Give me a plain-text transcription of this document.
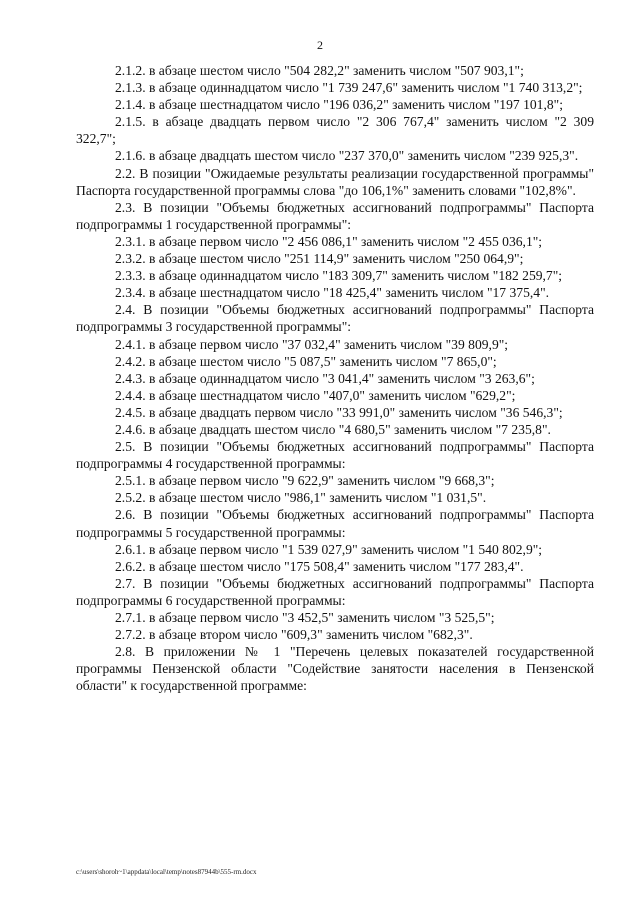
2

2.1.2. в абзаце шестом число "504 282,2" заменить числом "507 903,1";

2.1.3. в абзаце одиннадцатом число "1 739 247,6" заменить числом "1 740 313,2";

2.1.4. в абзаце шестнадцатом число "196 036,2" заменить числом "197 101,8";

2.1.5. в абзаце двадцать первом число "2 306 767,4" заменить числом "2 309 322,7";

2.1.6. в абзаце двадцать шестом число "237 370,0" заменить числом "239 925,3".

2.2. В позиции "Ожидаемые результаты реализации государственной программы" Паспорта государственной программы слова "до 106,1%" заменить словами "102,8%".

2.3. В позиции "Объемы бюджетных ассигнований подпрограммы" Паспорта подпрограммы 1 государственной программы":

2.3.1. в абзаце первом число "2 456 086,1" заменить числом "2 455 036,1";

2.3.2. в абзаце шестом число "251 114,9" заменить числом "250 064,9";

2.3.3. в абзаце одиннадцатом число "183 309,7" заменить числом "182 259,7";

2.3.4. в абзаце шестнадцатом число "18 425,4" заменить числом "17 375,4".

2.4. В позиции "Объемы бюджетных ассигнований подпрограммы" Паспорта подпрограммы 3 государственной программы":

2.4.1. в абзаце первом число "37 032,4" заменить числом "39 809,9";

2.4.2. в абзаце шестом число "5 087,5" заменить числом "7 865,0";

2.4.3. в абзаце одиннадцатом число "3 041,4" заменить числом "3 263,6";

2.4.4. в абзаце шестнадцатом число "407,0" заменить числом "629,2";

2.4.5. в абзаце двадцать первом число "33 991,0" заменить числом "36 546,3";

2.4.6. в абзаце двадцать шестом число "4 680,5" заменить числом "7 235,8".

2.5. В позиции "Объемы бюджетных ассигнований подпрограммы" Паспорта подпрограммы 4 государственной программы:

2.5.1. в абзаце первом число "9 622,9" заменить числом "9 668,3";

2.5.2. в абзаце шестом число "986,1" заменить числом "1 031,5".

2.6. В позиции "Объемы бюджетных ассигнований подпрограммы" Паспорта подпрограммы 5 государственной программы:

2.6.1. в абзаце первом число "1 539 027,9" заменить числом "1 540 802,9";

2.6.2. в абзаце шестом число "175 508,4" заменить числом "177 283,4".

2.7. В позиции "Объемы бюджетных ассигнований подпрограммы" Паспорта подпрограммы 6 государственной программы:

2.7.1. в абзаце первом число "3 452,5" заменить числом "3 525,5";

2.7.2. в абзаце втором число "609,3" заменить числом "682,3".

2.8. В приложении № 1 "Перечень целевых показателей государственной программы Пензенской области "Содействие занятости населения в Пензенской области" к государственной программе:

c:\users\shoroh~1\appdata\local\temp\notes87944b\555-rm.docx
